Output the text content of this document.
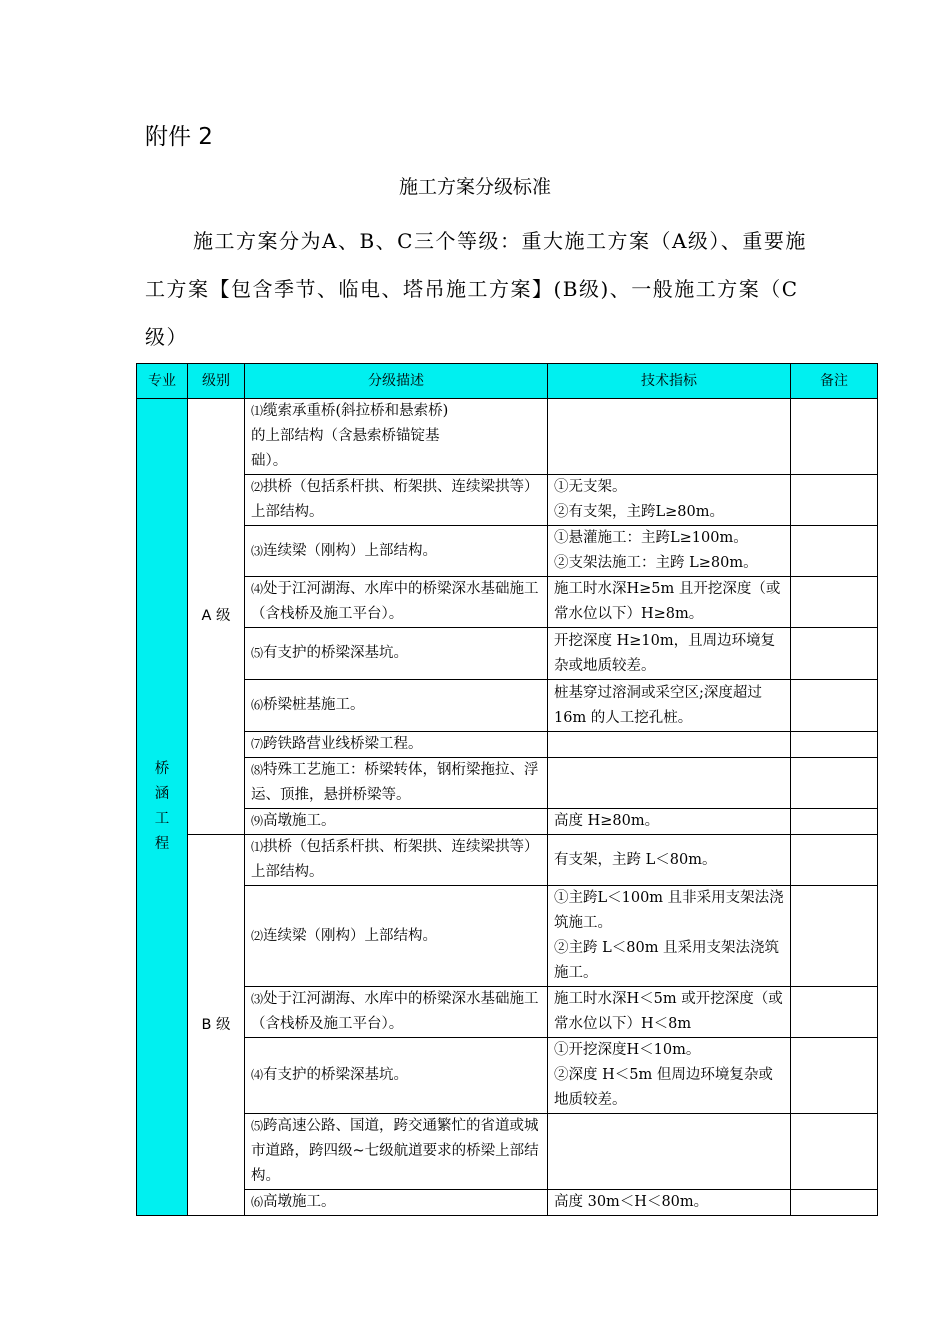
附件 2
施工方案分级标准

施工方案分为A、B、C三个等级：重大施工方案（A级）、重要施工方案【包含季节、临电、塔吊施工方案】(B级)、一般施工方案（C级）

专业	级别	分级描述	技术指标	备注

桥涵工程	A 级	⑴缆索承重桥(斜拉桥和悬索桥)
的上部结构（含悬索桥锚锭基
础）。		
		⑵拱桥（包括系杆拱、桁架拱、连续梁拱等）上部结构。	①无支架。
②有支架，主跨L≥80m。	
		⑶连续梁（刚构）上部结构。	①悬灌施工：主跨L≥100m。
②支架法施工：主跨 L≥80m。	
		⑷处于江河湖海、水库中的桥梁深水基础施工（含栈桥及施工平台）。	施工时水深H≥5m 且开挖深度（或常水位以下）H≥8m。	
		⑸有支护的桥梁深基坑。	开挖深度 H≥10m，且周边环境复杂或地质较差。	
		⑹桥梁桩基施工。	桩基穿过溶洞或采空区;深度超过 16m 的人工挖孔桩。	
		⑺跨铁路营业线桥梁工程。		
		⑻特殊工艺施工：桥梁转体，钢桁梁拖拉、浮运、顶推，悬拼桥梁等。		
		⑼高墩施工。	高度 H≥80m。	
	B 级	⑴拱桥（包括系杆拱、桁架拱、连续梁拱等）上部结构。	有支架，主跨 L＜80m。	
		⑵连续梁（刚构）上部结构。	①主跨L＜100m 且非采用支架法浇筑施工。
②主跨 L＜80m 且采用支架法浇筑施工。	
		⑶处于江河湖海、水库中的桥梁深水基础施工（含栈桥及施工平台）。	施工时水深H＜5m 或开挖深度（或常水位以下）H＜8m	
		⑷有支护的桥梁深基坑。	①开挖深度H＜10m。
②深度 H＜5m 但周边环境复杂或地质较差。	
		⑸跨高速公路、国道，跨交通繁忙的省道或城市道路，跨四级~七级航道要求的桥梁上部结构。		
		⑹高墩施工。	高度 30m＜H＜80m。	
